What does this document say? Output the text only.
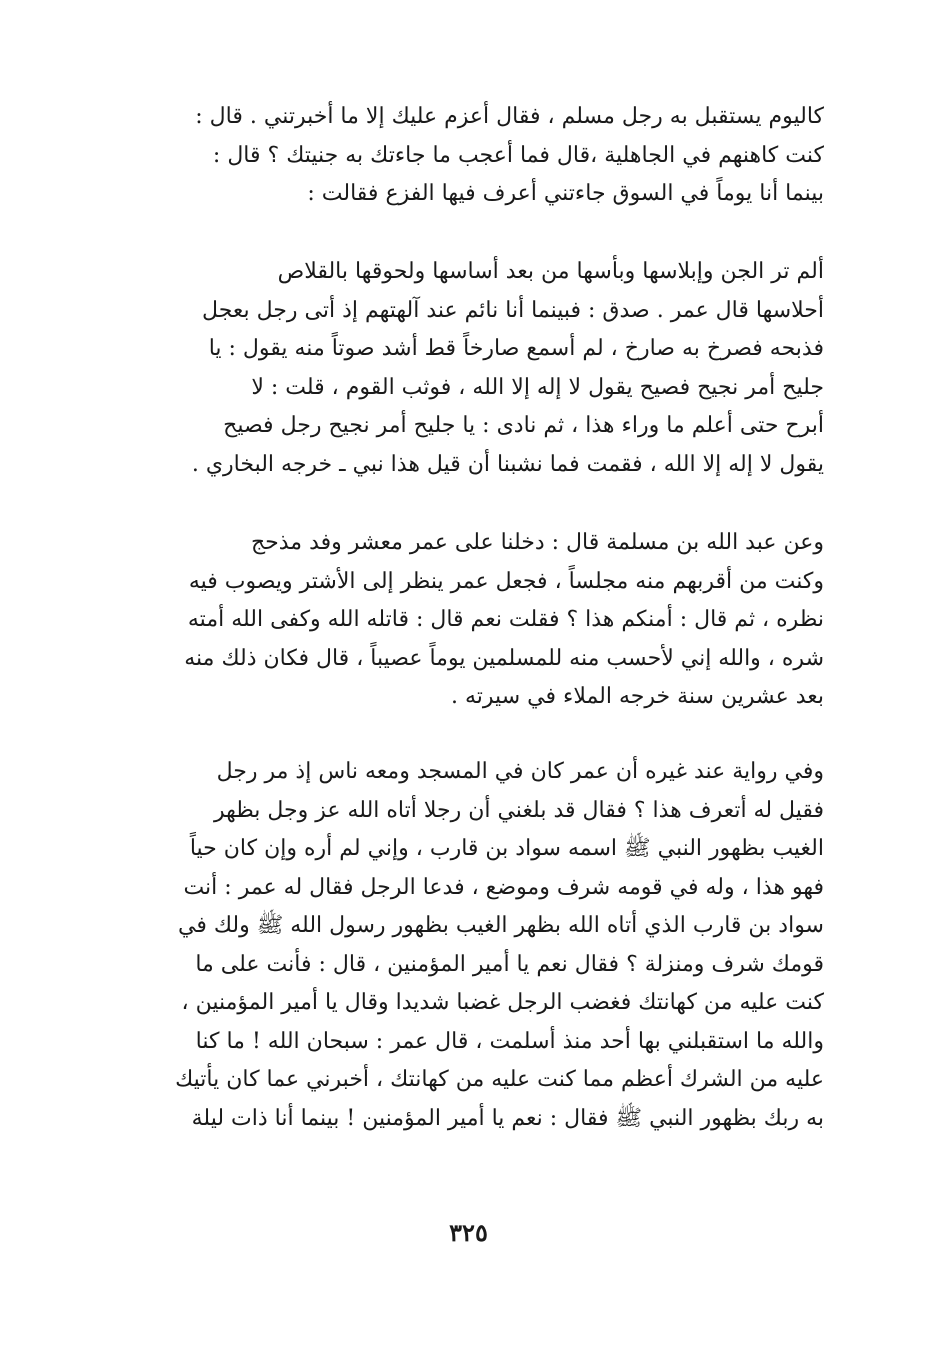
كاليوم يستقبل به رجل مسلم ، فقال أعزم عليك إلا ما أخبرتني . قال :
كنت كاهنهم في الجاهلية ،قال فما أعجب ما جاءتك به جنيتك ؟ قال :
بينما أنا يوماً في السوق جاءتني أعرف فيها الفزع فقالت :
ألم تر الجن وإبلاسها وبأسها من بعد أساسها ولحوقها بالقلاص
أحلاسها قال عمر . صدق : فبينما أنا نائم عند آلهتهم إذ أتى رجل بعجل
فذبحه فصرخ به صارخ ، لم أسمع صارخاً قط أشد صوتاً منه يقول : يا
جليح أمر نجيح فصيح يقول لا إله إلا الله ، فوثب القوم ، قلت : لا
أبرح حتى أعلم ما وراء هذا ، ثم نادى : يا جليح أمر نجيح رجل فصيح
يقول لا إله إلا الله ، فقمت فما نشبنا أن قيل هذا نبي ـ خرجه البخاري .
وعن عبد الله بن مسلمة قال : دخلنا على عمر معشر وفد مذحج
وكنت من أقربهم منه مجلساً ، فجعل عمر ينظر إلى الأشتر ويصوب فيه
نظره ، ثم قال : أمنكم هذا ؟ فقلت نعم قال : قاتله الله وكفى الله أمته
شره ، والله إني لأحسب منه للمسلمين يوماً عصيباً ، قال فكان ذلك منه
بعد عشرين سنة خرجه الملاء في سيرته .
وفي رواية عند غيره أن عمر كان في المسجد ومعه ناس إذ مر رجل
فقيل له أتعرف هذا ؟ فقال قد بلغني أن رجلا أتاه الله عز وجل بظهر
الغيب بظهور النبي ﷺ اسمه سواد بن قارب ، وإني لم أره وإن كان حياً
فهو هذا ، وله في قومه شرف وموضع ، فدعا الرجل فقال له عمر : أنت
سواد بن قارب الذي أتاه الله بظهر الغيب بظهور رسول الله ﷺ ولك في
قومك شرف ومنزلة ؟ فقال نعم يا أمير المؤمنين ، قال : فأنت على ما
كنت عليه من كهانتك فغضب الرجل غضبا شديدا وقال يا أمير المؤمنين ،
والله ما استقبلني بها أحد منذ أسلمت ، قال عمر : سبحان الله ! ما كنا
عليه من الشرك أعظم مما كنت عليه من كهانتك ، أخبرني عما كان يأتيك
به ربك بظهور النبي ﷺ فقال : نعم يا أمير المؤمنين ! بينما أنا ذات ليلة
٣٢٥
